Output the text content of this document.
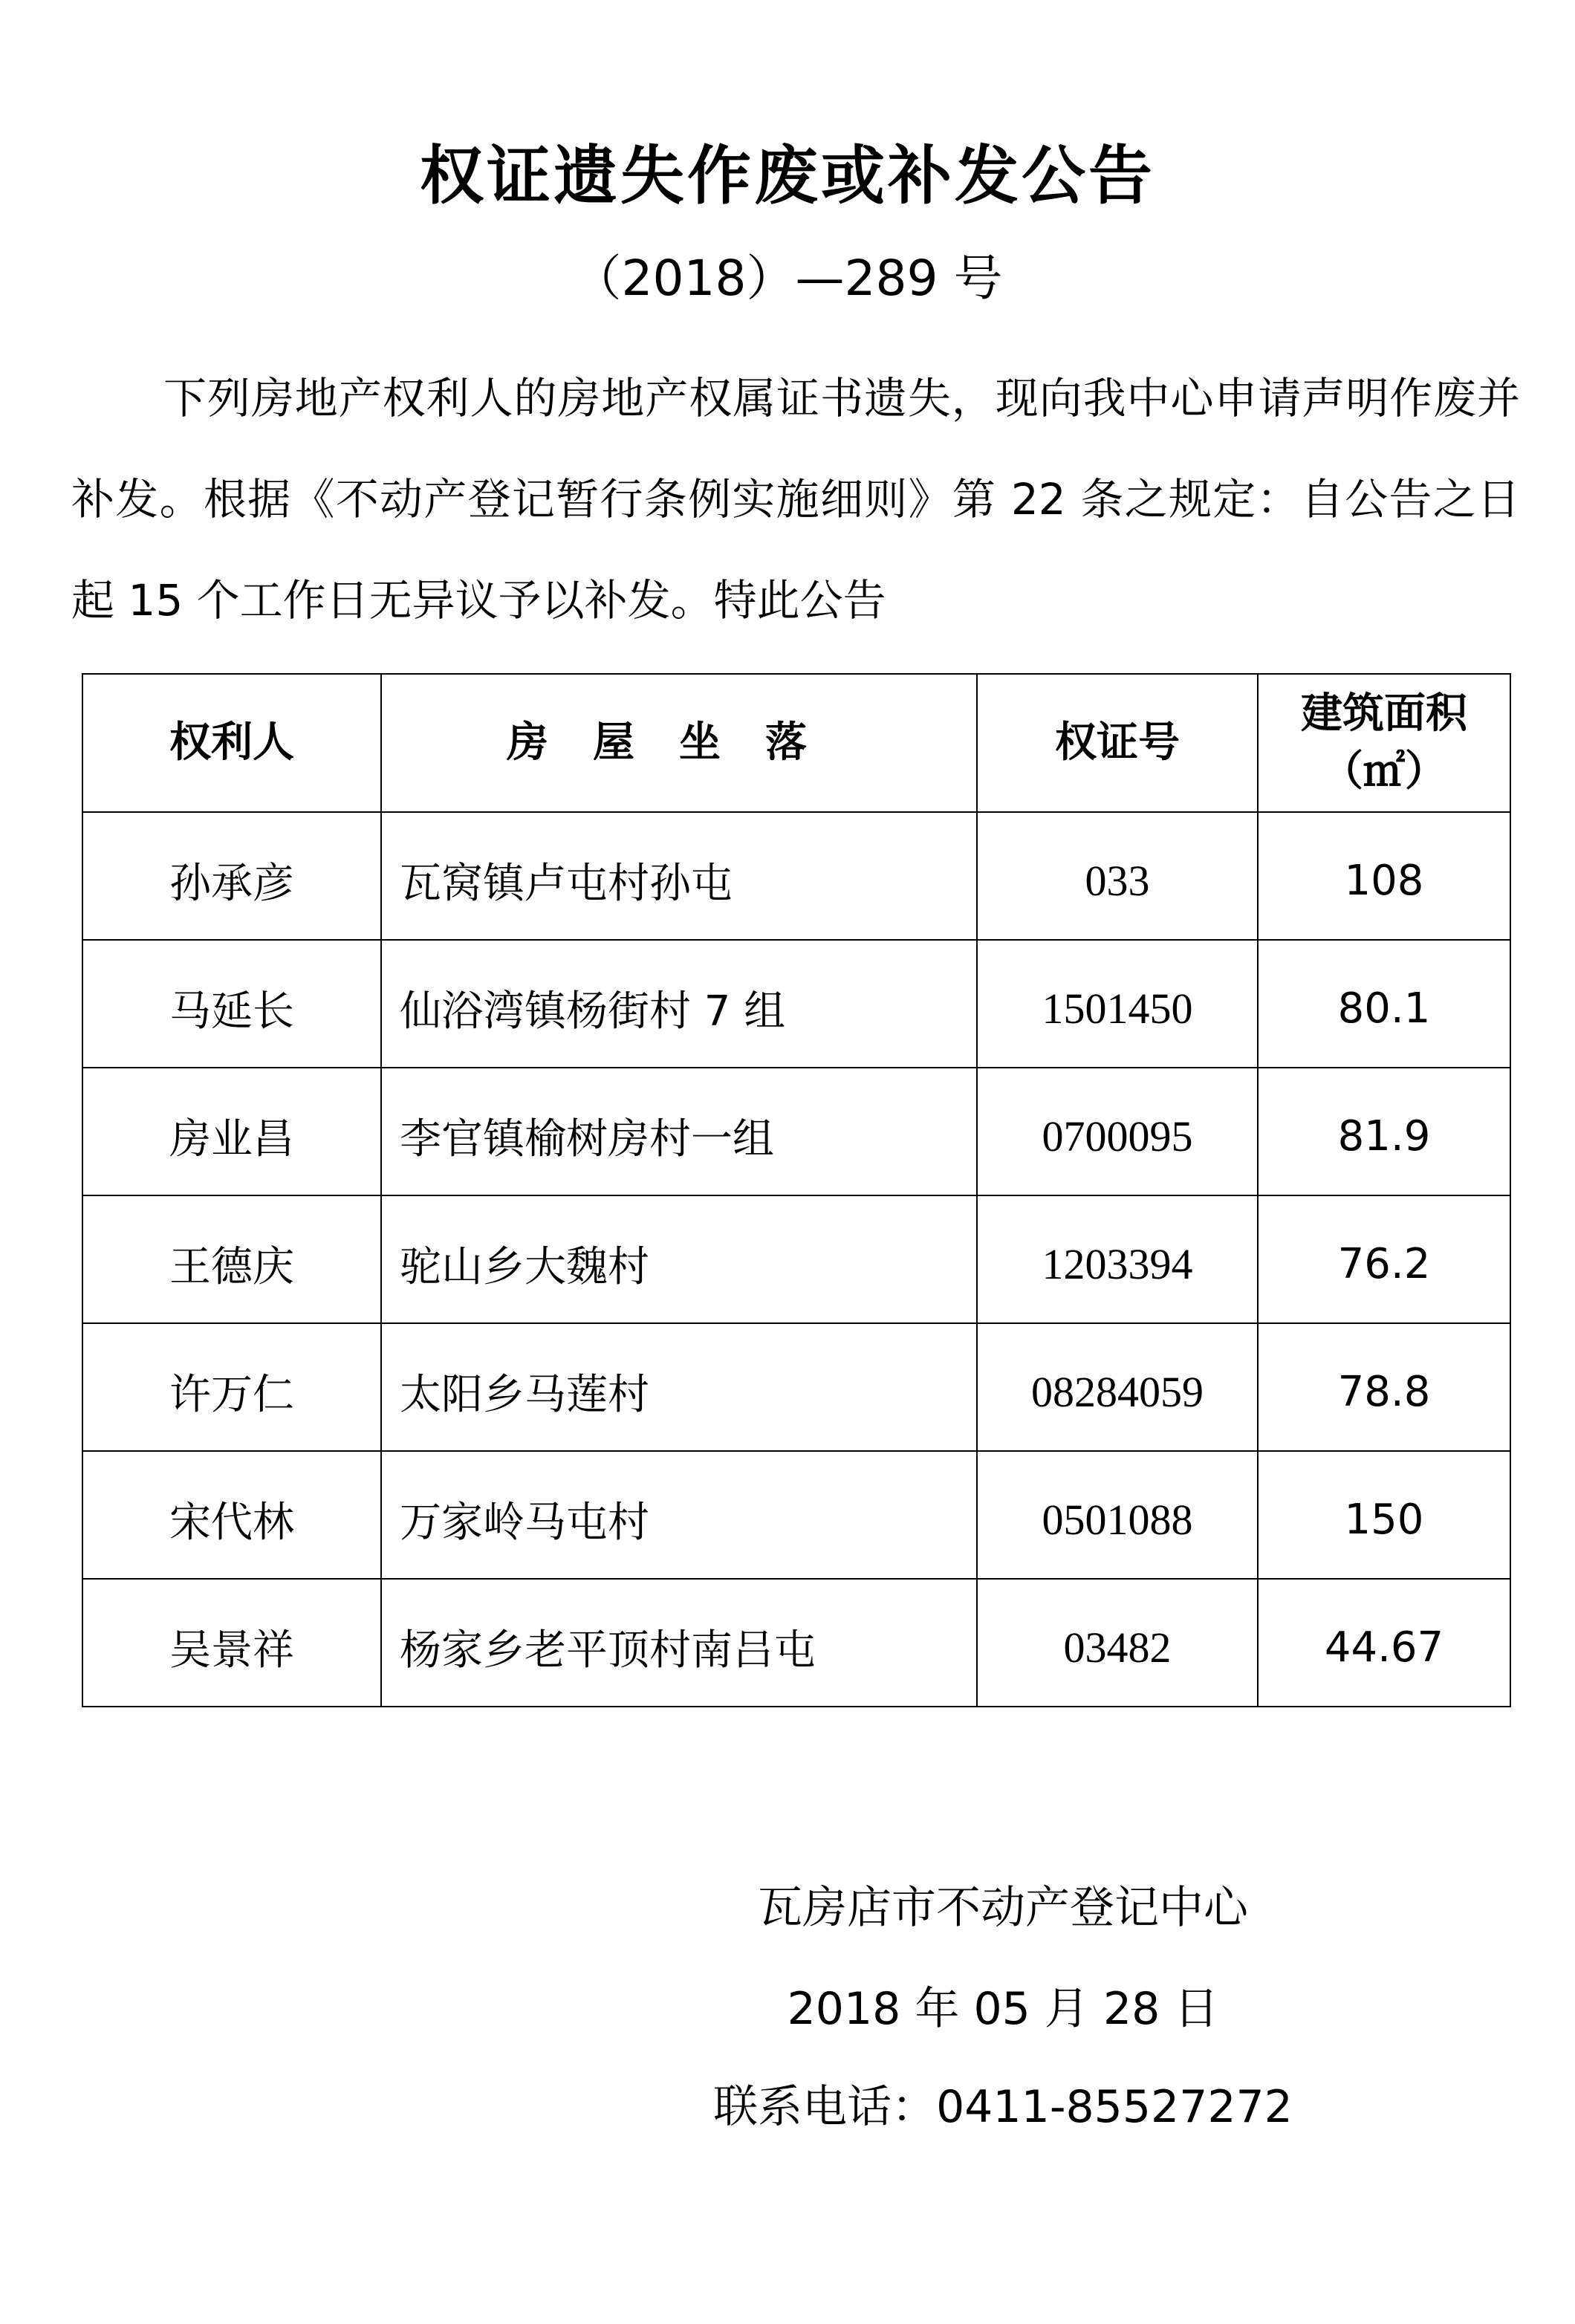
权证遗失作废或补发公告
（2018）—289 号

下列房地产权利人的房地产权属证书遗失，现向我中心申请声明作废并补发。根据《不动产登记暂行条例实施细则》第 22 条之规定：自公告之日起 15 个工作日无异议予以补发。特此公告

权利人	房屋坐落	权证号	建筑面积
（㎡）

孙承彦	瓦窝镇卢屯村孙屯	033	108
马延长	仙浴湾镇杨街村 7 组	1501450	80.1
房业昌	李官镇榆树房村一组	0700095	81.9
王德庆	驼山乡大魏村	1203394	76.2
许万仁	太阳乡马莲村	08284059	78.8
宋代林	万家岭马屯村	0501088	150
吴景祥	杨家乡老平顶村南吕屯	03482	44.67
瓦房店市不动产登记中心
2018 年 05 月 28 日
联系电话：0411-85527272
